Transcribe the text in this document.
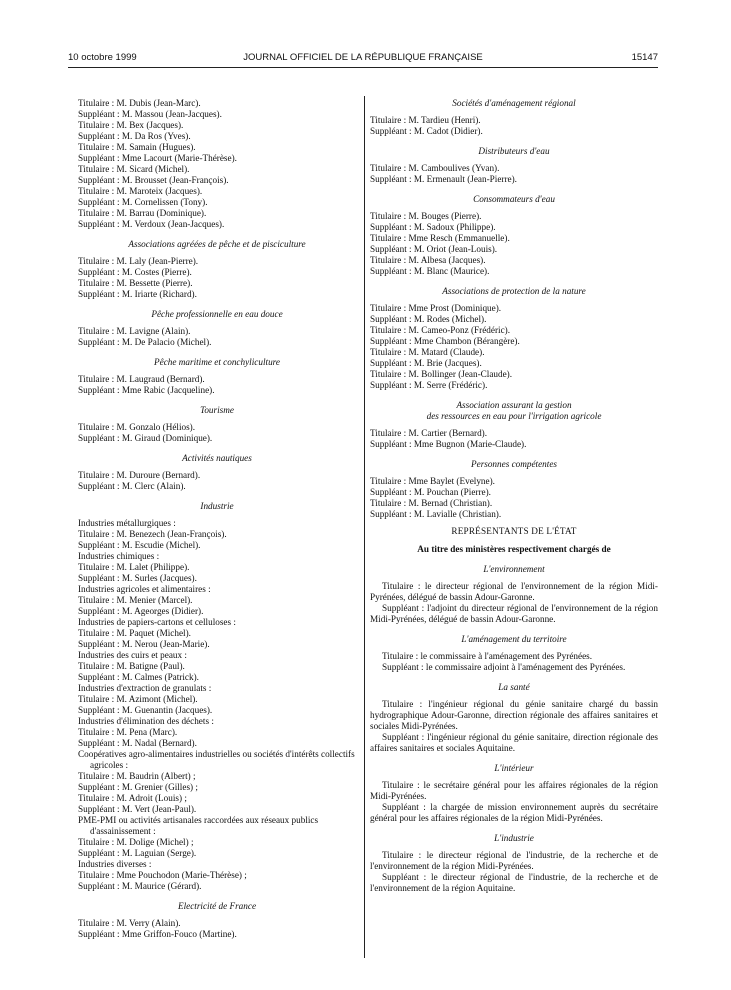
10 octobre 1999	JOURNAL OFFICIEL DE LA RÉPUBLIQUE FRANÇAISE	15147
Titulaire : M. Dubis (Jean-Marc).
Suppléant : M. Massou (Jean-Jacques).
Titulaire : M. Bex (Jacques).
Suppléant : M. Da Ros (Yves).
Titulaire : M. Samain (Hugues).
Suppléant : Mme Lacourt (Marie-Thérèse).
Titulaire : M. Sicard (Michel).
Suppléant : M. Brousset (Jean-François).
Titulaire : M. Maroteix (Jacques).
Suppléant : M. Cornelissen (Tony).
Titulaire : M. Barrau (Dominique).
Suppléant : M. Verdoux (Jean-Jacques).
Associations agréées de pêche et de pisciculture
Titulaire : M. Laly (Jean-Pierre).
Suppléant : M. Costes (Pierre).
Titulaire : M. Bessette (Pierre).
Suppléant : M. Iriarte (Richard).
Pêche professionnelle en eau douce
Titulaire : M. Lavigne (Alain).
Suppléant : M. De Palacio (Michel).
Pêche maritime et conchyliculture
Titulaire : M. Laugraud (Bernard).
Suppléant : Mme Rabic (Jacqueline).
Tourisme
Titulaire : M. Gonzalo (Hélios).
Suppléant : M. Giraud (Dominique).
Activités nautiques
Titulaire : M. Duroure (Bernard).
Suppléant : M. Clerc (Alain).
Industrie
Industries métallurgiques :
Titulaire : M. Benezech (Jean-François).
Suppléant : M. Escudie (Michel).
Industries chimiques :
Titulaire : M. Lalet (Philippe).
Suppléant : M. Surles (Jacques).
Industries agricoles et alimentaires :
Titulaire : M. Menier (Marcel).
Suppléant : M. Ageorges (Didier).
Industries de papiers-cartons et celluloses :
Titulaire : M. Paquet (Michel).
Suppléant : M. Nerou (Jean-Marie).
Industries des cuirs et peaux :
Titulaire : M. Batigne (Paul).
Suppléant : M. Calmes (Patrick).
Industries d'extraction de granulats :
Titulaire : M. Azimont (Michel).
Suppléant : M. Guenantin (Jacques).
Industries d'élimination des déchets :
Titulaire : M. Pena (Marc).
Suppléant : M. Nadal (Bernard).
Coopératives agro-alimentaires industrielles ou sociétés d'intérêts collectifs agricoles :
Titulaire : M. Baudrin (Albert) ;
Suppléant : M. Grenier (Gilles) ;
Titulaire : M. Adroit (Louis) ;
Suppléant : M. Vert (Jean-Paul).
PME-PMI ou activités artisanales raccordées aux réseaux publics d'assainissement :
Titulaire : M. Dolige (Michel) ;
Suppléant : M. Laguian (Serge).
Industries diverses :
Titulaire : Mme Pouchodon (Marie-Thérèse) ;
Suppléant : M. Maurice (Gérard).
Electricité de France
Titulaire : M. Verry (Alain).
Suppléant : Mme Griffon-Fouco (Martine).
Sociétés d'aménagement régional
Titulaire : M. Tardieu (Henri).
Suppléant : M. Cadot (Didier).
Distributeurs d'eau
Titulaire : M. Camboulives (Yvan).
Suppléant : M. Ermenault (Jean-Pierre).
Consommateurs d'eau
Titulaire : M. Bouges (Pierre).
Suppléant : M. Sadoux (Philippe).
Titulaire : Mme Resch (Emmanuelle).
Suppléant : M. Oriot (Jean-Louis).
Titulaire : M. Albesa (Jacques).
Suppléant : M. Blanc (Maurice).
Associations de protection de la nature
Titulaire : Mme Prost (Dominique).
Suppléant : M. Rodes (Michel).
Titulaire : M. Cameo-Ponz (Frédéric).
Suppléant : Mme Chambon (Bérangère).
Titulaire : M. Matard (Claude).
Suppléant : M. Brie (Jacques).
Titulaire : M. Bollinger (Jean-Claude).
Suppléant : M. Serre (Frédéric).
Association assurant la gestion
des ressources en eau pour l'irrigation agricole
Titulaire : M. Cartier (Bernard).
Suppléant : Mme Bugnon (Marie-Claude).
Personnes compétentes
Titulaire : Mme Baylet (Evelyne).
Suppléant : M. Pouchan (Pierre).
Titulaire : M. Bernad (Christian).
Suppléant : M. Lavialle (Christian).
REPRÉSENTANTS DE L'ÉTAT
Au titre des ministères respectivement chargés de
L'environnement
Titulaire : le directeur régional de l'environnement de la région Midi-Pyrénées, délégué de bassin Adour-Garonne.
Suppléant : l'adjoint du directeur régional de l'environnement de la région Midi-Pyrénées, délégué de bassin Adour-Garonne.
L'aménagement du territoire
Titulaire : le commissaire à l'aménagement des Pyrénées.
Suppléant : le commissaire adjoint à l'aménagement des Pyrénées.
La santé
Titulaire : l'ingénieur régional du génie sanitaire chargé du bassin hydrographique Adour-Garonne, direction régionale des affaires sanitaires et sociales Midi-Pyrénées.
Suppléant : l'ingénieur régional du génie sanitaire, direction régionale des affaires sanitaires et sociales Aquitaine.
L'intérieur
Titulaire : le secrétaire général pour les affaires régionales de la région Midi-Pyrénées.
Suppléant : la chargée de mission environnement auprès du secrétaire général pour les affaires régionales de la région Midi-Pyrénées.
L'industrie
Titulaire : le directeur régional de l'industrie, de la recherche et de l'environnement de la région Midi-Pyrénées.
Suppléant : le directeur régional de l'industrie, de la recherche et de l'environnement de la région Aquitaine.
